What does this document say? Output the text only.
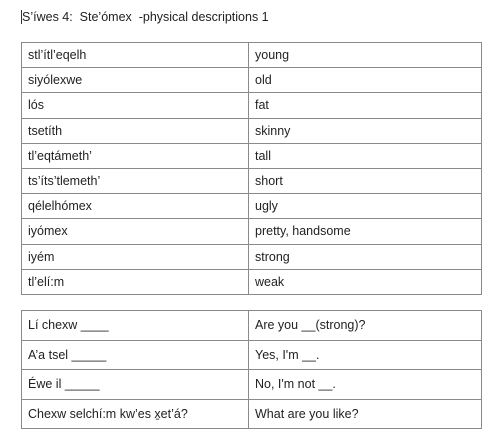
S’íwes 4:  Ste’ómex  -physical descriptions 1
stl’ítl’eqelh	young
siyólexwe	old
lós	fat
tsetíth	skinny
tl’eqtámeth’	tall
ts’íts’tlemeth’	short
qélelhómex	ugly
iyómex	pretty, handsome
iyém	strong
tl’elí:m	weak
Lí chexw ____	Are you __(strong)?
A’a tsel _____	Yes, I'm __.
Éwe il _____	No, I'm not __.
Chexw selchí:m kw’es x̱et’á?	What are you like?
